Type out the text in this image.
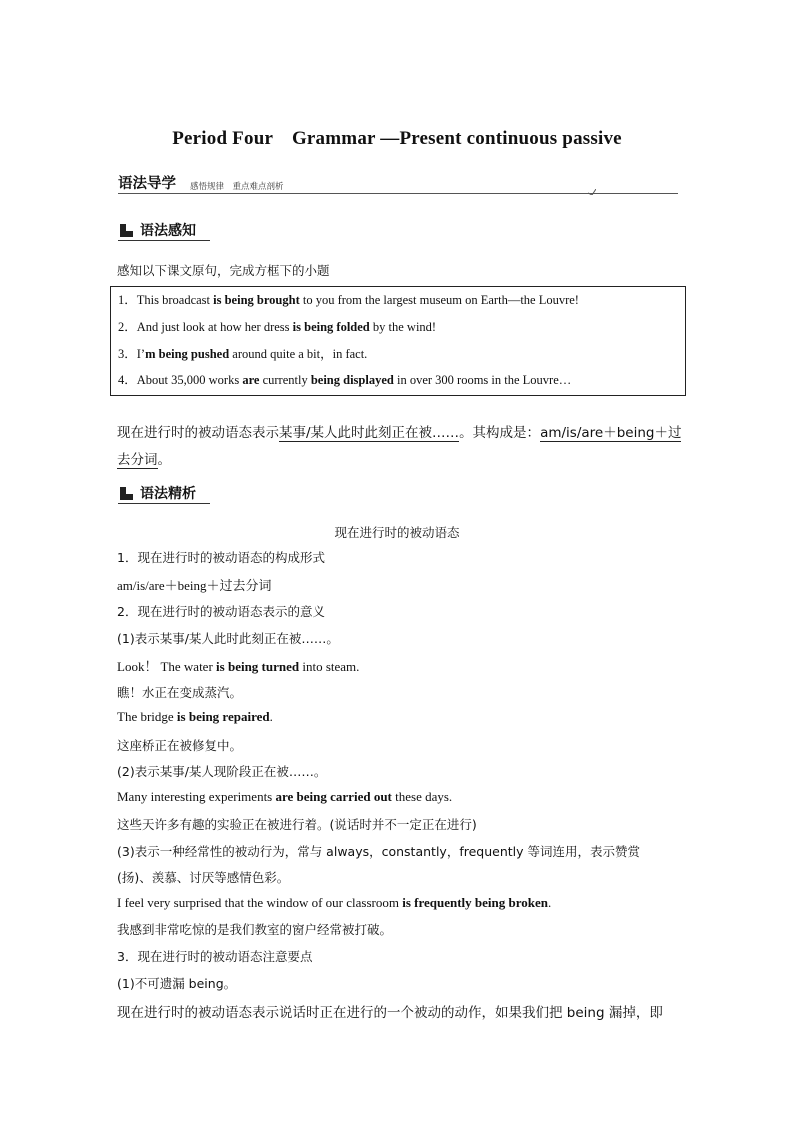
Period Four　Grammar —Present continuous passive
语法导学 感悟规律　重点难点剖析
语法感知
感知以下课文原句，完成方框下的小题
1．This broadcast is being brought to you from the largest museum on Earth—the Louvre!
2．And just look at how her dress is being folded by the wind!
3．I’m being pushed around quite a bit，in fact.
4．About 35,000 works are currently being displayed in over 300 rooms in the Louvre…
现在进行时的被动语态表示某事/某人此时此刻正在被……。其构成是：am/is/are＋being＋过
去分词。
语法精析
现在进行时的被动语态
1．现在进行时的被动语态的构成形式
am/is/are＋being＋过去分词
2．现在进行时的被动语态表示的意义
(1)表示某事/某人此时此刻正在被……。
Look！ The water is being turned into steam.
瞧！水正在变成蒸汽。
The bridge is being repaired.
这座桥正在被修复中。
(2)表示某事/某人现阶段正在被……。
Many interesting experiments are being carried out these days.
这些天许多有趣的实验正在被进行着。(说话时并不一定正在进行)
(3)表示一种经常性的被动行为，常与 always，constantly，frequently 等词连用，表示赞赏
(扬)、羡慕、讨厌等感情色彩。
I feel very surprised that the window of our classroom is frequently being broken.
我感到非常吃惊的是我们教室的窗户经常被打破。
3．现在进行时的被动语态注意要点
(1)不可遗漏 being。
现在进行时的被动语态表示说话时正在进行的一个被动的动作，如果我们把 being 漏掉，即
